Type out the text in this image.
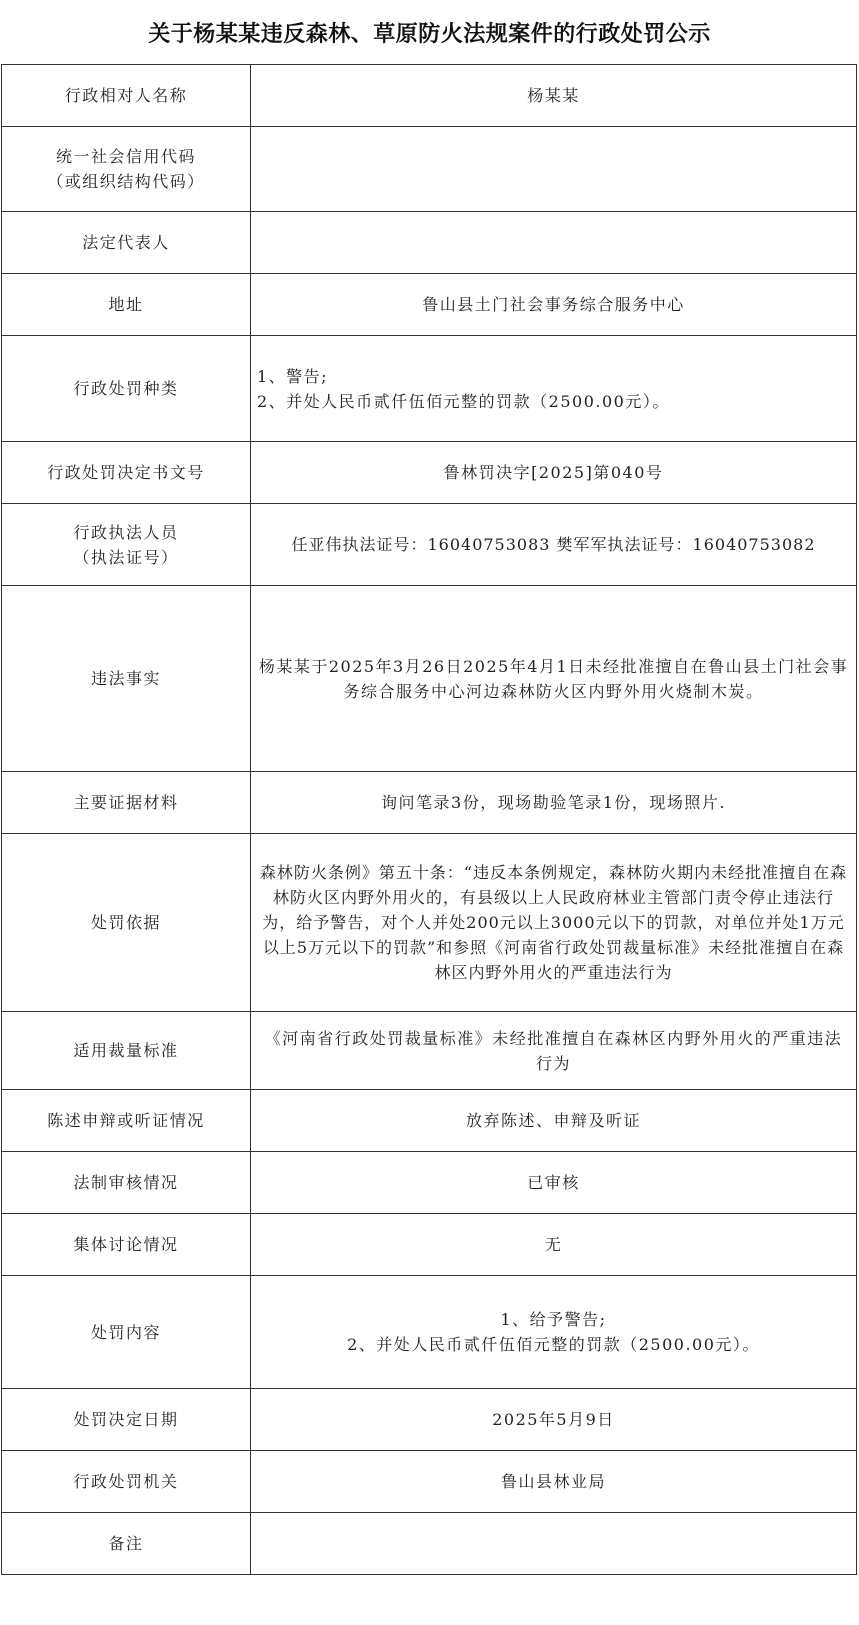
关于杨某某违反森林、草原防火法规案件的行政处罚公示
行政相对人名称	杨某某
统一社会信用代码
（或组织结构代码）	
法定代表人	
地址	鲁山县土门社会事务综合服务中心
行政处罚种类	1、警告;
2、并处人民币贰仟伍佰元整的罚款（2500.00元）。
行政处罚决定书文号	鲁林罚决字[2025]第040号
行政执法人员
（执法证号）	任亚伟执法证号：16040753083 樊军军执法证号：16040753082
违法事实	杨某某于2025年3月26日2025年4月1日未经批准擅自在鲁山县土门社会事务综合服务中心河边森林防火区内野外用火烧制木炭。
主要证据材料	询问笔录3份，现场勘验笔录1份，现场照片.
处罚依据	森林防火条例》第五十条：“违反本条例规定，森林防火期内未经批准擅自在森林防火区内野外用火的，有县级以上人民政府林业主管部门责令停止违法行为，给予警告，对个人并处200元以上3000元以下的罚款，对单位并处1万元以上5万元以下的罚款”和参照《河南省行政处罚裁量标准》未经批准擅自在森林区内野外用火的严重违法行为
适用裁量标准	《河南省行政处罚裁量标准》未经批准擅自在森林区内野外用火的严重违法行为
陈述申辩或听证情况	放弃陈述、申辩及听证
法制审核情况	已审核
集体讨论情况	无
处罚内容	1、给予警告;
2、并处人民币贰仟伍佰元整的罚款（2500.00元）。
处罚决定日期	2025年5月9日
行政处罚机关	鲁山县林业局
备注	
